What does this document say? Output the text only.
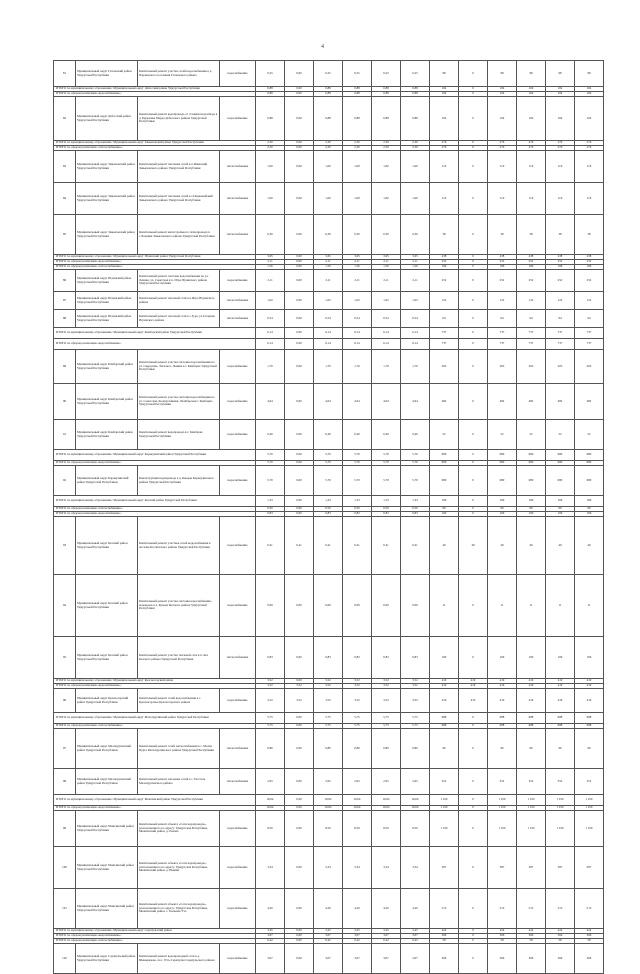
4
81	Муниципальный округ Глазовский район Удмуртской Республики	Капитальный ремонт участка сетей водоснабжения в д. Парзинского поселения Глазовского района	водоснабжение	0,25	0,00	0,25	0,25	0,25	0,25	98	0	98	98	98	98
ИТОГО по муниципальному образованию: Муниципальный округ Дебесский район Удмуртской Республики				0,88	0,00	0,88	0,88	0,88	0,88	104	0	104	104	104	104
ИТОГО по сферам реализации «водоснабжение»:				0,88	0,00	0,88	0,88	0,88	0,88	104	0	104	104	104	104
82	Муниципальный округ Дебесский район Удмуртской Республики	Капитальный ремонт водопровода от станции водозабора в д. Березовка Мерда Дебесского района Удмуртской Республики	водоснабжение	0,88	0,00	0,88	0,88	0,88	0,88	104	0	104	104	104	104
ИТОГО по муниципальному образованию: Муниципальный округ Завьяловский район Удмуртской Республики				2,30	0,00	2,30	2,30	2,30	2,30	276	0	276	276	276	276
ИТОГО по сферам реализации «теплоснабжение»:				2,30	0,00	2,30	2,30	2,30	2,30	276	0	276	276	276	276
83	Муниципальный округ Завьяловский район Удмуртской Республики	Капитальный ремонт тепловых сетей в п.Ижевский Завьяловского района Удмуртской Республики	теплоснабжение	1,00	0,00	1,00	1,00	1,00	1,00	119	0	119	119	119	119
84	Муниципальный округ Завьяловский район Удмуртской Республики	Капитальный ремонт тепловых сетей в с.Первомайский Завьяловского района Удмуртской Республики	теплоснабжение	1,00	0,00	1,00	1,00	1,00	1,00	119	0	119	119	119	119
85	Муниципальный округ Завьяловский район Удмуртской Республики	Капитальный ремонт магистрального теплопровода в с.Хохряки Завьяловского района Удмуртской Республики	теплоснабжение	0,30	0,00	0,30	0,30	0,30	0,30	38	0	38	38	38	38
ИТОГО по муниципальному образованию: Муниципальный округ Игринский район Удмуртской Республики				3,65	0,00	3,65	3,65	3,65	3,65	438	0	438	438	438	438
ИТОГО по сферам реализации «водоснабжение»:				2,11	0,00	2,11	2,11	2,11	2,11	252	0	252	252	252	252
ИТОГО по сферам реализации «теплоснабжение»:				1,56	0,00	1,56	1,56	1,56	1,56	186	0	186	186	186	186
86	Муниципальный округ Игринский район Удмуртской Республики	Капитальный ремонт системы водоснабжения по ул. Ленина, ул. Советская в п. Игра Игринского района Удмуртской Республики	водоснабжение	2,11	0,00	2,11	2,11	2,11	2,11	252	0	252	252	252	252
87	Муниципальный округ Игринский район Удмуртской Республики	Капитальный ремонт тепловой сети в п.Игра Игринского района	теплоснабжение	1,02	0,00	1,02	1,02	1,02	1,02	122	0	122	122	122	122
88	Муниципальный округ Игринский район Удмуртской Республики	Капитальный ремонт тепловой сети в с.Зура, ул.Гагарина Игринского района	теплоснабжение	0,54	0,00	0,54	0,54	0,54	0,54	64	0	64	64	64	64
ИТОГО по муниципальному образованию: Муниципальный округ Камбарский район Удмуртской Республики				6,14	0,00	6,14	6,14	6,14	6,14	737	0	737	737	737	737
ИТОГО по сферам реализации «водоснабжение»:				6,14	0,00	6,14	6,14	6,14	6,14	737	0	737	737	737	737
89	Муниципальный округ Камбарский район Удмуртской Республики	Капитальный ремонт участка системы водоснабжения по ул. Свердлова, Энгельса, Ленина в г. Камбарка Удмуртской Республики	водоснабжение	1,70	0,00	1,70	1,70	1,70	1,70	203	0	203	203	203	203
90	Муниципальный округ Камбарский район Удмуртской Республики	Капитальный ремонт участка системы водоснабжения по ул. Советская, Кооперативная, Октябрьская г. Камбарка Удмуртской Республики	водоснабжение	4,04	0,00	4,04	4,04	4,04	4,04	482	0	482	482	482	482
91	Муниципальный округ Камбарский район Удмуртской Республики	Капитальный ремонт водопровода в г. Камбарка Удмуртской Республики	водоснабжение	0,40	0,00	0,40	0,40	0,40	0,40	52	0	52	52	52	52
ИТОГО по муниципальному образованию: Муниципальный округ Каракулинский район Удмуртской Республики				5,70	0,00	5,70	5,70	5,70	5,70	680	0	680	680	680	680
ИТОГО по сферам реализации «водоснабжение»:				5,70	0,00	5,70	5,70	5,70	5,70	680	0	680	680	680	680
92	Муниципальный округ Каракулинский район Удмуртской Республики	Реконструкция водопровода в д. Кекоры Каракулинского района Удмуртской Республики	водоснабжение	5,70	0,00	5,70	5,70	5,70	5,70	680	0	680	680	680	680
ИТОГО по муниципальному образованию: Муниципальный округ Кезский район Удмуртской Республики				1,33	0,00	1,33	1,33	1,33	1,33	169	0	169	169	169	169
ИТОГО по сферам реализации «теплоснабжение»:				0,50	0,00	0,50	0,50	0,50	0,50	60	0	60	60	60	60
ИТОГО по сферам реализации «водоснабжение»:				0,83	0,00	0,83	0,83	0,83	0,83	109	0	109	109	109	109
93	Муниципальный округ Кезский район Удмуртской Республики	Капитальный ремонт участков сетей водоснабжения в поселке Кез Кезского района Удмуртской Республики	водоснабжение	0,41	0,41	0,41	0,41	0,41	0,41	49	49	49	49	49	49
94	Муниципальный округ Кезский район Удмуртской Республики	Капитальный ремонт участка системы водоснабжения - водоводов в д. Кузьма Кезского района Удмуртской Республики	водоснабжение	0,09	0,00	0,09	0,09	0,09	0,09	11	0	11	11	11	11
95	Муниципальный округ Кезский район Удмуртской Республики	Капитальный ремонт участка тепловой сети в п. Кез Кезского района Удмуртской Республики	теплоснабжение	0,83	0,00	0,83	0,83	0,83	0,83	109	0	109	109	109	109
ИТОГО по муниципальному образованию: Муниципальный округ Красногорский район				3,52	0,00	3,52	3,52	3,52	3,52	419	419	419	419	419	419
ИТОГО по сферам реализации «водоснабжение»:				3,52	3,52	3,52	3,52	3,52	3,52	419	419	419	419	419	419
96	Муниципальный округ Красногорский район Удмуртской Республики	Капитальный ремонт сетей водоснабжения в с. Красногорское Красногорского района	водоснабжение	3,52	3,52	3,52	3,52	3,52	3,52	419	419	419	419	419	419
ИТОГО по муниципальному образованию: Муниципальный округ Малопургинский район Удмуртской Республики				5,75	0,00	5,75	5,75	5,75	5,75	688	0	688	688	688	688
ИТОГО по сферам реализации «теплоснабжение»:				5,75	0,00	5,75	5,75	5,75	5,75	688	0	688	688	688	688
97	Муниципальный округ Малопургинский район Удмуртской Республики	Капитальный ремонт сетей теплоснабжения в с. Малая Пурга Малопургинского района Удмуртской Республики	теплоснабжение	0,80	0,00	0,80	0,80	0,80	0,80	96	0	96	96	96	96
98	Муниципальный округ Малопургинский район Удмуртской Республики	Капитальный ремонт тепловых сетей в с. Постоль Малопургинского района	теплоснабжение	2,95	0,00	2,95	2,95	2,95	2,95	352	0	352	352	352	352
ИТОГО по муниципальному образованию: Муниципальный округ Можгинский район Удмуртской Республики				16,04	0,00	16,04	16,04	16,04	16,04	1 910	0	1 910	1 910	1 910	1 910
ИТОГО по сферам реализации «водоснабжение»:				16,04	0,00	16,04	16,04	16,04	16,04	1 910	0	1 910	1 910	1 910	1 910
99	Муниципальный округ Можгинский район Удмуртской Республики	Капитальный ремонт объекта «Сети водопровода», расположенного по адресу: Удмуртская Республика, Можгинский район, д. Пазяль	водоснабжение	8,50	0,00	8,50	8,50	8,50	8,50	1 010	0	1 010	1 010	1 010	1 010
100	Муниципальный округ Можгинский район Удмуртской Республики	Капитальный ремонт объекта «Сети водопровода», расположенного по адресу: Удмуртская Республика, Можгинский район, д. Нышки	водоснабжение	3,34	0,00	3,34	3,34	3,34	3,34	387	0	387	387	387	387
101	Муниципальный округ Можгинский район Удмуртской Республики	Капитальный ремонт объекта «Сети водопровода», расположенного по адресу: Удмуртская Республика, Можгинский район, с. Большая Уча	водоснабжение	4,20	0,00	4,20	4,20	4,20	4,20	513	0	513	513	513	513
ИТОГО по муниципальному образованию: Муниципальный округ Сарапульский район				3,45	0,00	3,45	3,45	3,45	3,45	424	0	424	424	424	424
ИТОГО по сферам реализации «водоснабжение»:				3,07	0,00	3,07	3,07	3,07	3,07	366	0	366	366	366	366
ИТОГО по сферам реализации «теплоснабжение»:				0,42	0,00	0,42	0,42	0,42	0,42	58	0	58	58	58	58
102	Муниципальный округ Сарапульский район Удмуртской Республики	Капитальный ремонт водопроводной сети в д. Шевырялово, пос. Усть-Сарапулка Сарапульского района	водоснабжение	3,07	0,00	3,07	3,07	3,07	3,07	366	0	366	366	366	366
